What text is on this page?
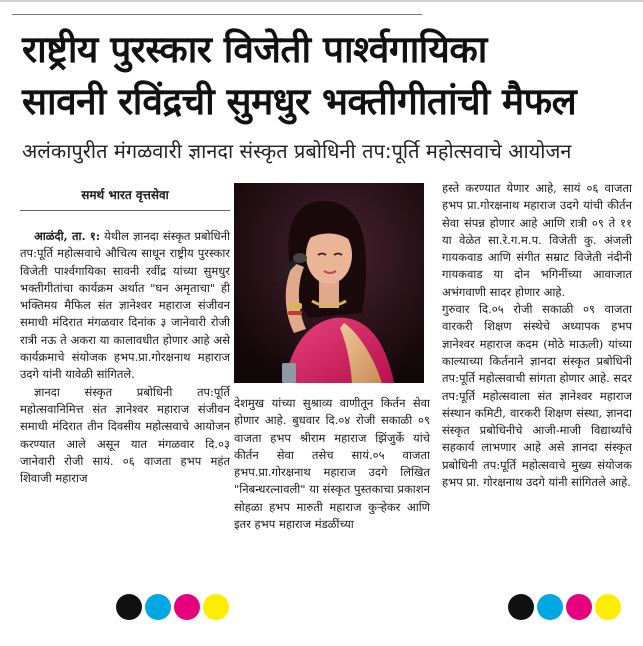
राष्ट्रीय पुरस्कार विजेती पार्श्वगायिका
सावनी रविंद्रची सुमधुर भक्तीगीतांची मैफल
अलंकापुरीत मंगळवारी ज्ञानदा संस्कृत प्रबोधिनी तप:पूर्ति महोत्सवाचे आयोजन
समर्थ भारत वृत्तसेवा

आळंदी, ता. १: येथील ज्ञानदा संस्कृत प्रबोधिनी तप:पूर्ति महोत्सवाचे औचित्य साधून राष्ट्रीय पुरस्कार विजेती पार्श्वगायिका सावनी रवींद्र यांच्या सुमधुर भक्तीगीतांचा कार्यक्रम अर्थात "घन अमृताचा" ही भक्तिमय मैफिल संत ज्ञानेश्वर महाराज संजीवन समाधी मंदिरात मंगळवार दिनांक ३ जानेवारी रोजी रात्री नऊ ते अकरा या कालावधीत होणार आहे असे कार्यक्रमाचे संयोजक हभप.प्रा.गोरक्षनाथ महाराज उदगे यांनी यावेळी सांगितले.

ज्ञानदा संस्कृत प्रबोधिनी तप:पूर्ति महोत्सवानिमित्त संत ज्ञानेश्वर महाराज संजीवन समाधी मंदिरात तीन दिवसीय महोत्सवाचे आयोजन करण्यात आले असून यात मंगळवार दि.०३ जानेवारी रोजी सायं. ०६ वाजता हभप महंत शिवाजी महाराज

देशमुख यांच्या सुश्राव्य वाणीतून किर्तन सेवा होणार आहे. बुधवार दि.०४ रोजी सकाळी ०९ वाजता हभप श्रीराम महाराज झिंजुर्के यांचे कीर्तन सेवा तसेच सायं.०५ वाजता हभप.प्रा.गोरक्षनाथ महाराज उदगे लिखित "निबन्धरत्नावली" या संस्कृत पुस्तकाचा प्रकाशन सोहळा हभप मारुती महाराज कुऱ्हेकर आणि इतर हभप महाराज मंडळींच्या

हस्ते करण्यात येणार आहे, सायं ०६ वाजता हभप प्रा.गोरक्षनाथ महाराज उदगे यांची कीर्तन सेवा संपन्न होणार आहे आणि रात्री ०९ ते ११ या वेळेत सा.रे.ग.म.प. विजेती कु. अंजली गायकवाड आणि संगीत सम्राट विजेती नंदीनी गायकवाड या दोन भगिनींच्या आवाजात अभंगवाणी सादर होणार आहे.

गुरुवार दि.०५ रोजी सकाळी ०९ वाजता वारकरी शिक्षण संस्थेचे अध्यापक हभप ज्ञानेश्वर महाराज कदम (मोठे माऊली) यांच्या काल्याच्या किर्तनाने ज्ञानदा संस्कृत प्रबोधिनी तप:पूर्ति महोत्सवाची सांगता होणार आहे. सदर तप:पूर्ति महोत्सवाला संत ज्ञानेश्वर महाराज संस्थान कमिटी, वारकरी शिक्षण संस्था, ज्ञानदा संस्कृत प्रबोधिनीचे आजी-माजी विद्यार्थ्यांचे सहकार्य लाभणार आहे असे ज्ञानदा संस्कृत प्रबोधिनी तप:पूर्ति महोत्सवाचे मुख्य संयोजक हभप प्रा. गोरक्षनाथ उदगे यांनी सांगितले आहे.
